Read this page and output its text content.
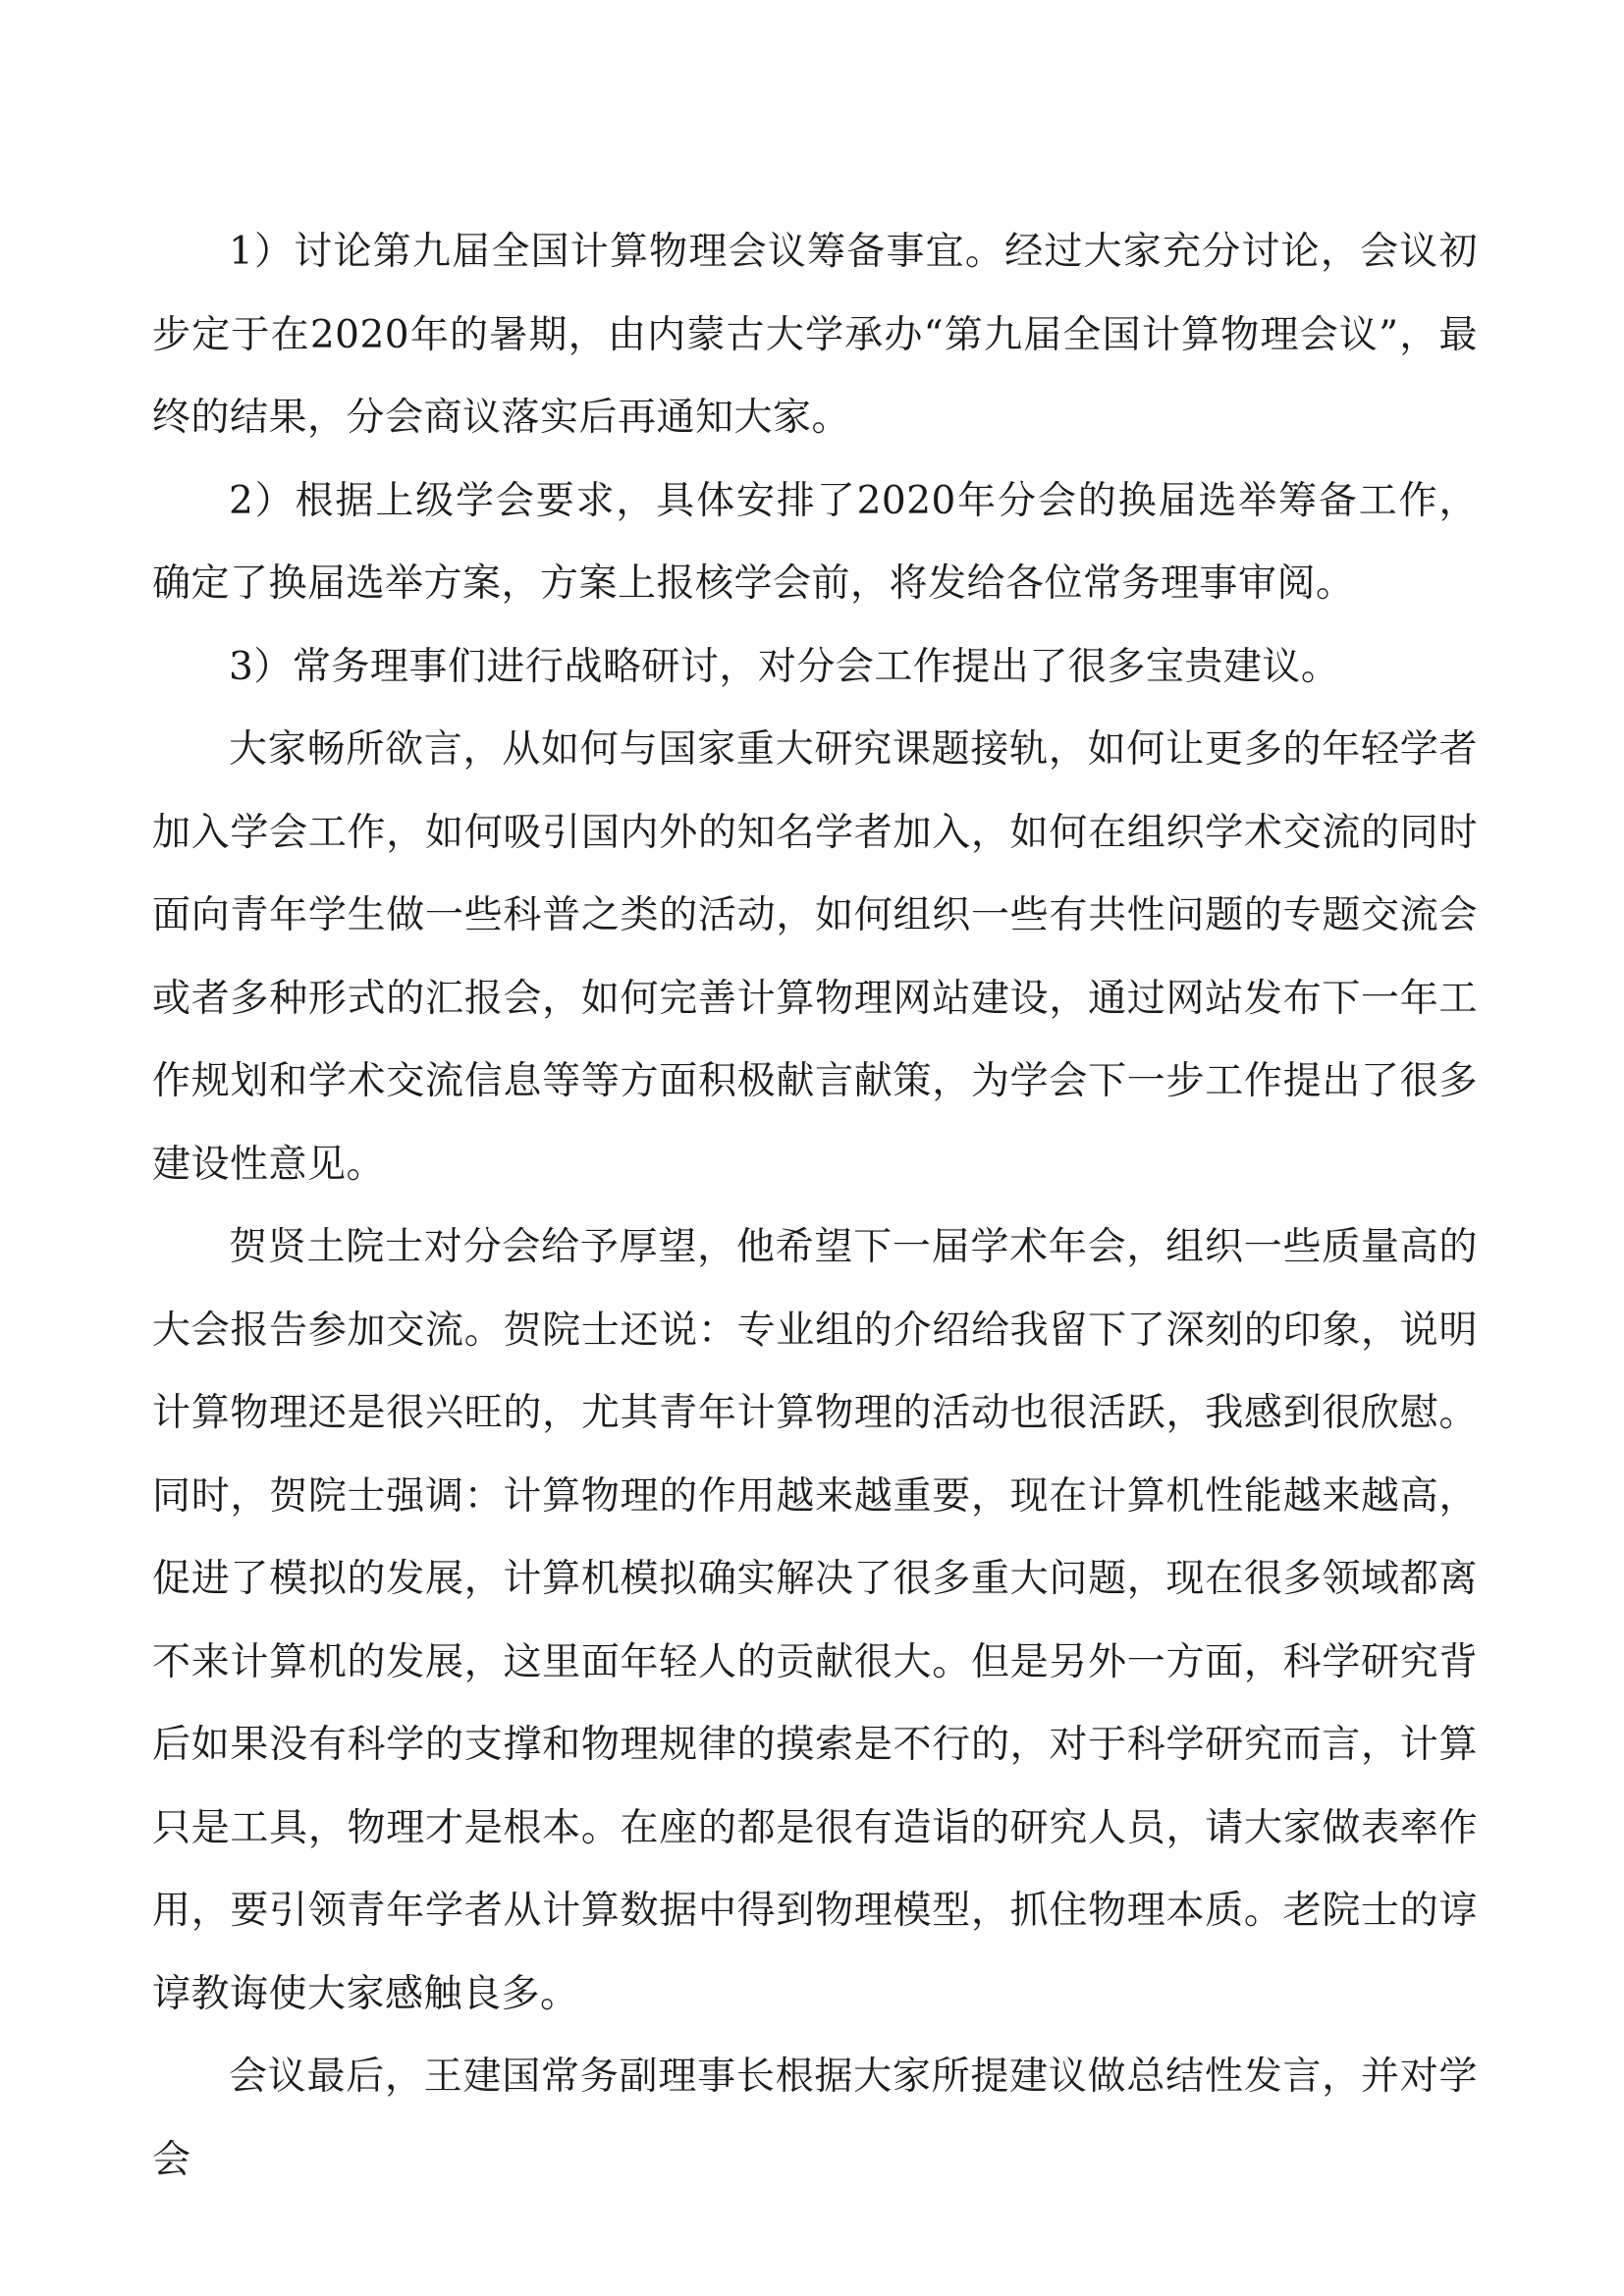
1）讨论第九届全国计算物理会议筹备事宜。经过大家充分讨论，会议初步定于在2020年的暑期，由内蒙古大学承办“第九届全国计算物理会议”，最终的结果，分会商议落实后再通知大家。

2）根据上级学会要求，具体安排了2020年分会的换届选举筹备工作，确定了换届选举方案，方案上报核学会前，将发给各位常务理事审阅。

3）常务理事们进行战略研讨，对分会工作提出了很多宝贵建议。

大家畅所欲言，从如何与国家重大研究课题接轨，如何让更多的年轻学者加入学会工作，如何吸引国内外的知名学者加入，如何在组织学术交流的同时面向青年学生做一些科普之类的活动，如何组织一些有共性问题的专题交流会或者多种形式的汇报会，如何完善计算物理网站建设，通过网站发布下一年工作规划和学术交流信息等等方面积极献言献策，为学会下一步工作提出了很多建设性意见。

贺贤土院士对分会给予厚望，他希望下一届学术年会，组织一些质量高的大会报告参加交流。贺院士还说：专业组的介绍给我留下了深刻的印象，说明计算物理还是很兴旺的，尤其青年计算物理的活动也很活跃，我感到很欣慰。同时，贺院士强调：计算物理的作用越来越重要，现在计算机性能越来越高，促进了模拟的发展，计算机模拟确实解决了很多重大问题，现在很多领域都离不来计算机的发展，这里面年轻人的贡献很大。但是另外一方面，科学研究背后如果没有科学的支撑和物理规律的摸索是不行的，对于科学研究而言，计算只是工具，物理才是根本。在座的都是很有造诣的研究人员，请大家做表率作用，要引领青年学者从计算数据中得到物理模型，抓住物理本质。老院士的谆谆教诲使大家感触良多。

会议最后，王建国常务副理事长根据大家所提建议做总结性发言，并对学会
